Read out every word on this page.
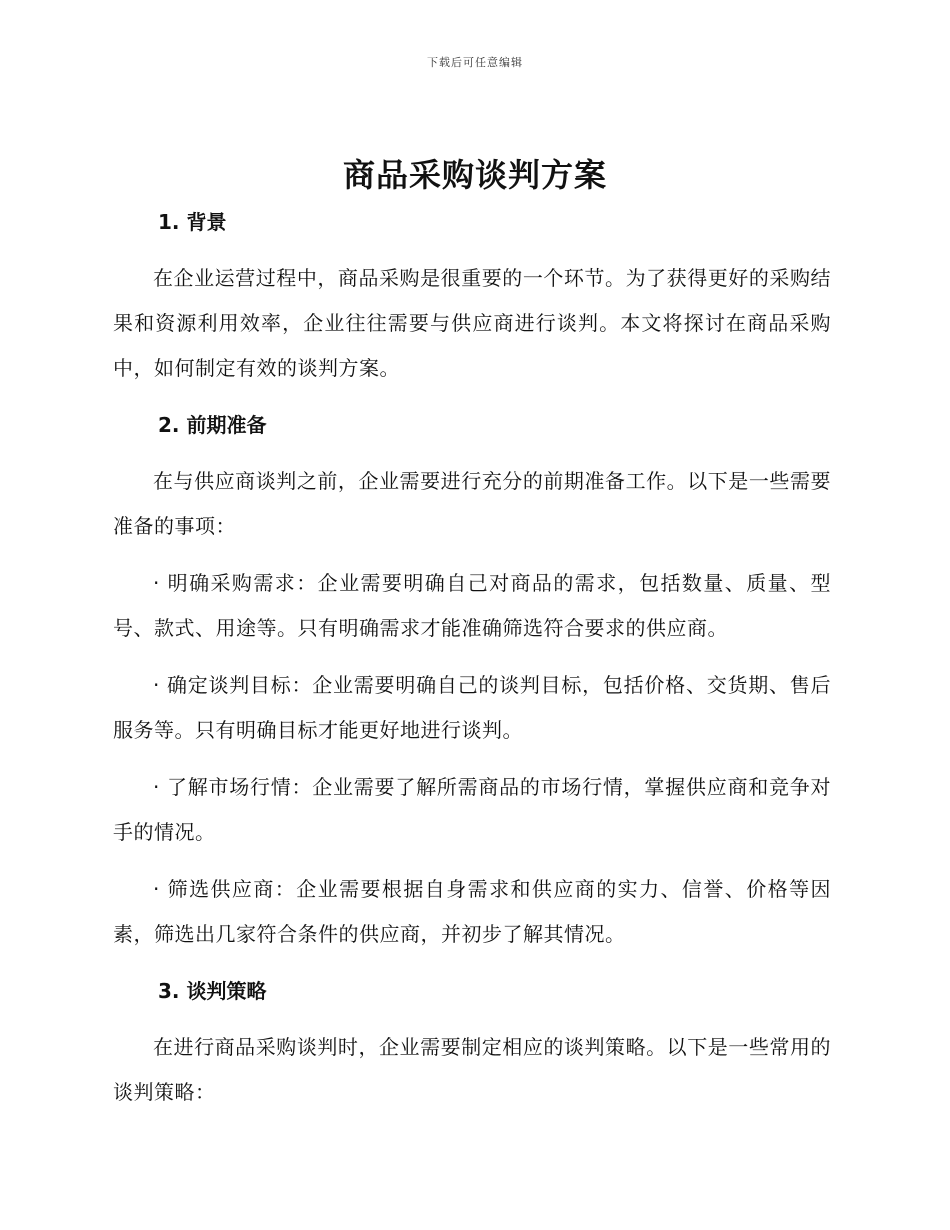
下载后可任意编辑
商品采购谈判方案
1. 背景

在企业运营过程中，商品采购是很重要的一个环节。为了获得更好的采购结果和资源利用效率，企业往往需要与供应商进行谈判。本文将探讨在商品采购中，如何制定有效的谈判方案。

2. 前期准备

在与供应商谈判之前，企业需要进行充分的前期准备工作。以下是一些需要准备的事项：

· 明确采购需求：企业需要明确自己对商品的需求，包括数量、质量、型号、款式、用途等。只有明确需求才能准确筛选符合要求的供应商。

· 确定谈判目标：企业需要明确自己的谈判目标，包括价格、交货期、售后服务等。只有明确目标才能更好地进行谈判。

· 了解市场行情：企业需要了解所需商品的市场行情，掌握供应商和竞争对手的情况。

· 筛选供应商：企业需要根据自身需求和供应商的实力、信誉、价格等因素，筛选出几家符合条件的供应商，并初步了解其情况。

3. 谈判策略

在进行商品采购谈判时，企业需要制定相应的谈判策略。以下是一些常用的谈判策略：
